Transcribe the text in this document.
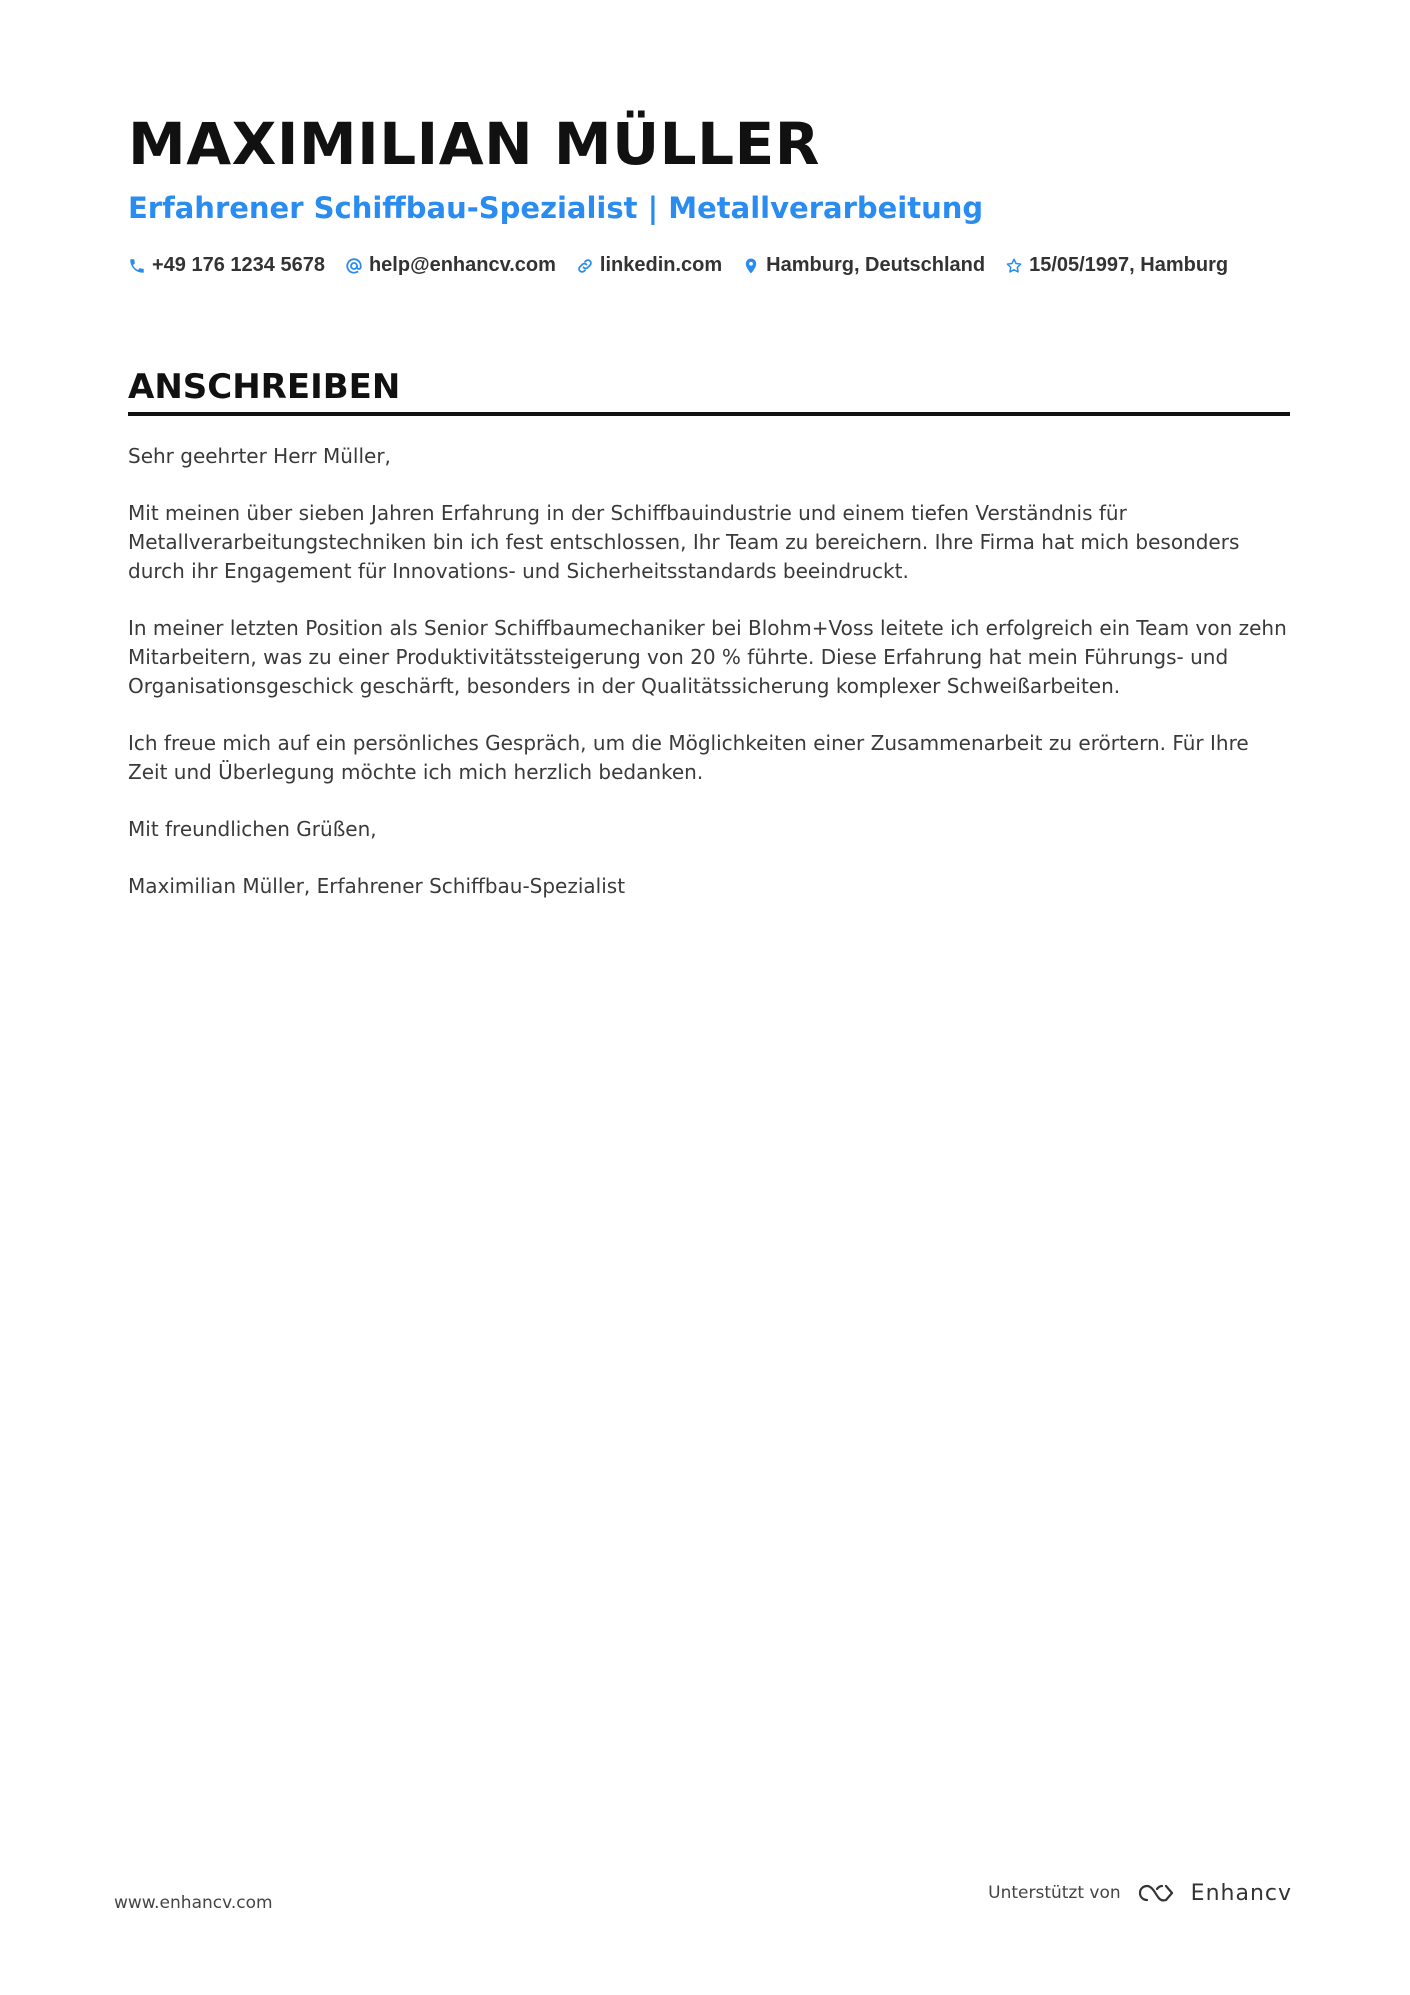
MAXIMILIAN MÜLLER
Erfahrener Schiffbau-Spezialist | Metallverarbeitung
+49 176 1234 5678 help@enhancv.com linkedin.com Hamburg, Deutschland 15/05/1997, Hamburg
ANSCHREIBEN

Sehr geehrter Herr Müller,

Mit meinen über sieben Jahren Erfahrung in der Schiffbauindustrie und einem tiefen Verständnis für Metallverarbeitungstechniken bin ich fest entschlossen, Ihr Team zu bereichern. Ihre Firma hat mich besonders durch ihr Engagement für Innovations- und Sicherheitsstandards beeindruckt.

In meiner letzten Position als Senior Schiffbaumechaniker bei Blohm+Voss leitete ich erfolgreich ein Team von zehn Mitarbeitern, was zu einer Produktivitätssteigerung von 20 % führte. Diese Erfahrung hat mein Führungs- und Organisationsgeschick geschärft, besonders in der Qualitätssicherung komplexer Schweißarbeiten.

Ich freue mich auf ein persönliches Gespräch, um die Möglichkeiten einer Zusammenarbeit zu erörtern. Für Ihre Zeit und Überlegung möchte ich mich herzlich bedanken.

Mit freundlichen Grüßen,

Maximilian Müller, Erfahrener Schiffbau-Spezialist

www.enhancv.com	Unterstützt von	Enhancv
